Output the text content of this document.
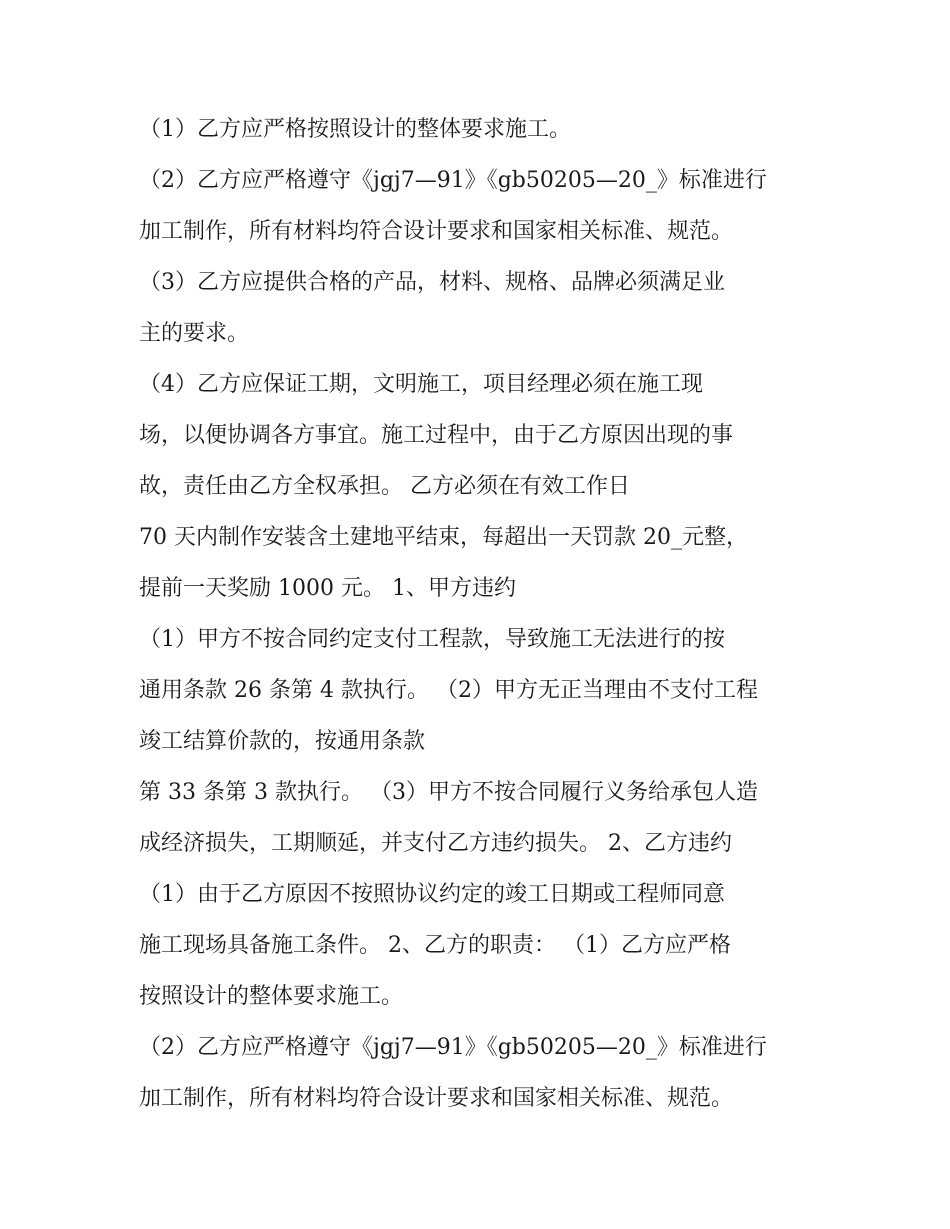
（1）乙方应严格按照设计的整体要求施工。
（2）乙方应严格遵守《jgj7—91》《gb50205—20_》标准进行
加工制作，所有材料均符合设计要求和国家相关标准、规范。
（3）乙方应提供合格的产品，材料、规格、品牌必须满足业
主的要求。
（4）乙方应保证工期，文明施工，项目经理必须在施工现
场，以便协调各方事宜。施工过程中，由于乙方原因出现的事
故，责任由乙方全权承担。 乙方必须在有效工作日
70 天内制作安装含土建地平结束，每超出一天罚款 20_元整，
提前一天奖励 1000 元。 1、甲方违约
（1）甲方不按合同约定支付工程款，导致施工无法进行的按
通用条款 26 条第 4 款执行。 （2）甲方无正当理由不支付工程
竣工结算价款的，按通用条款
第 33 条第 3 款执行。 （3）甲方不按合同履行义务给承包人造
成经济损失，工期顺延，并支付乙方违约损失。 2、乙方违约
（1）由于乙方原因不按照协议约定的竣工日期或工程师同意
施工现场具备施工条件。 2、乙方的职责： （1）乙方应严格
按照设计的整体要求施工。
（2）乙方应严格遵守《jgj7—91》《gb50205—20_》标准进行
加工制作，所有材料均符合设计要求和国家相关标准、规范。
